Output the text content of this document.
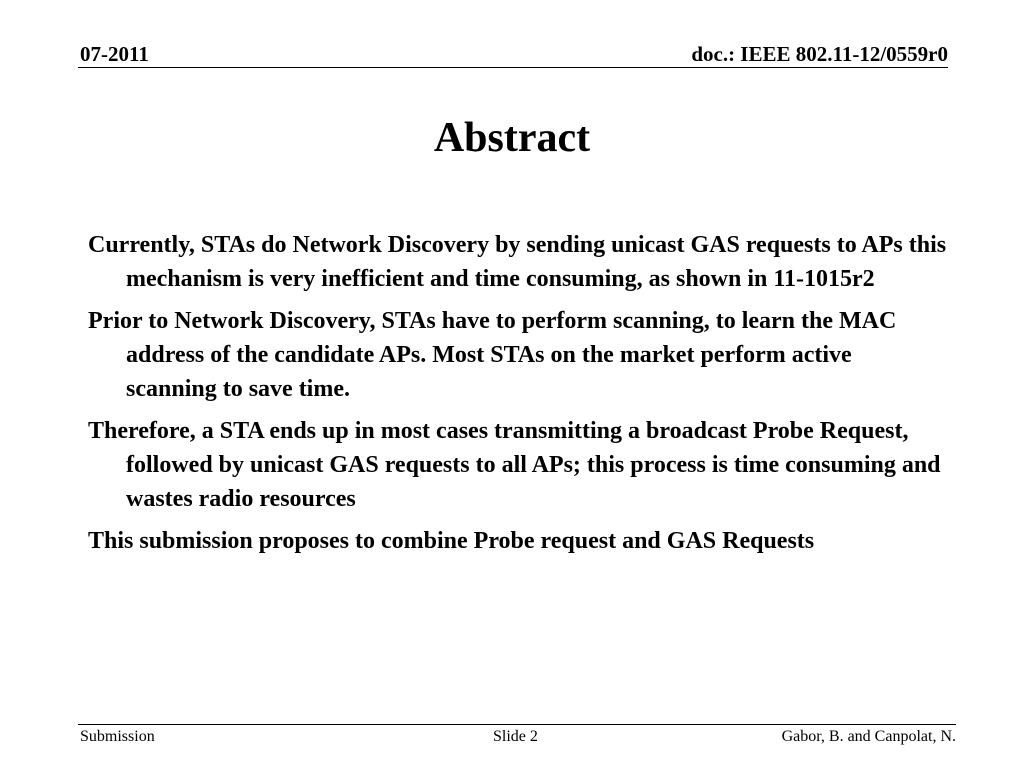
07-2011	doc.: IEEE 802.11-12/0559r0
Abstract
Currently, STAs do Network Discovery by sending unicast GAS requests to APs this mechanism is very inefficient and time consuming, as shown in 11-1015r2
Prior to Network Discovery, STAs have to perform scanning, to learn the MAC address of the candidate APs. Most STAs on the market perform active scanning to save time.
Therefore, a STA ends up in most cases transmitting a broadcast Probe Request, followed by unicast GAS requests to all APs; this process is time consuming and wastes radio resources
This submission proposes to combine Probe request and GAS Requests
Submission	Slide 2	Gabor, B. and Canpolat, N.
